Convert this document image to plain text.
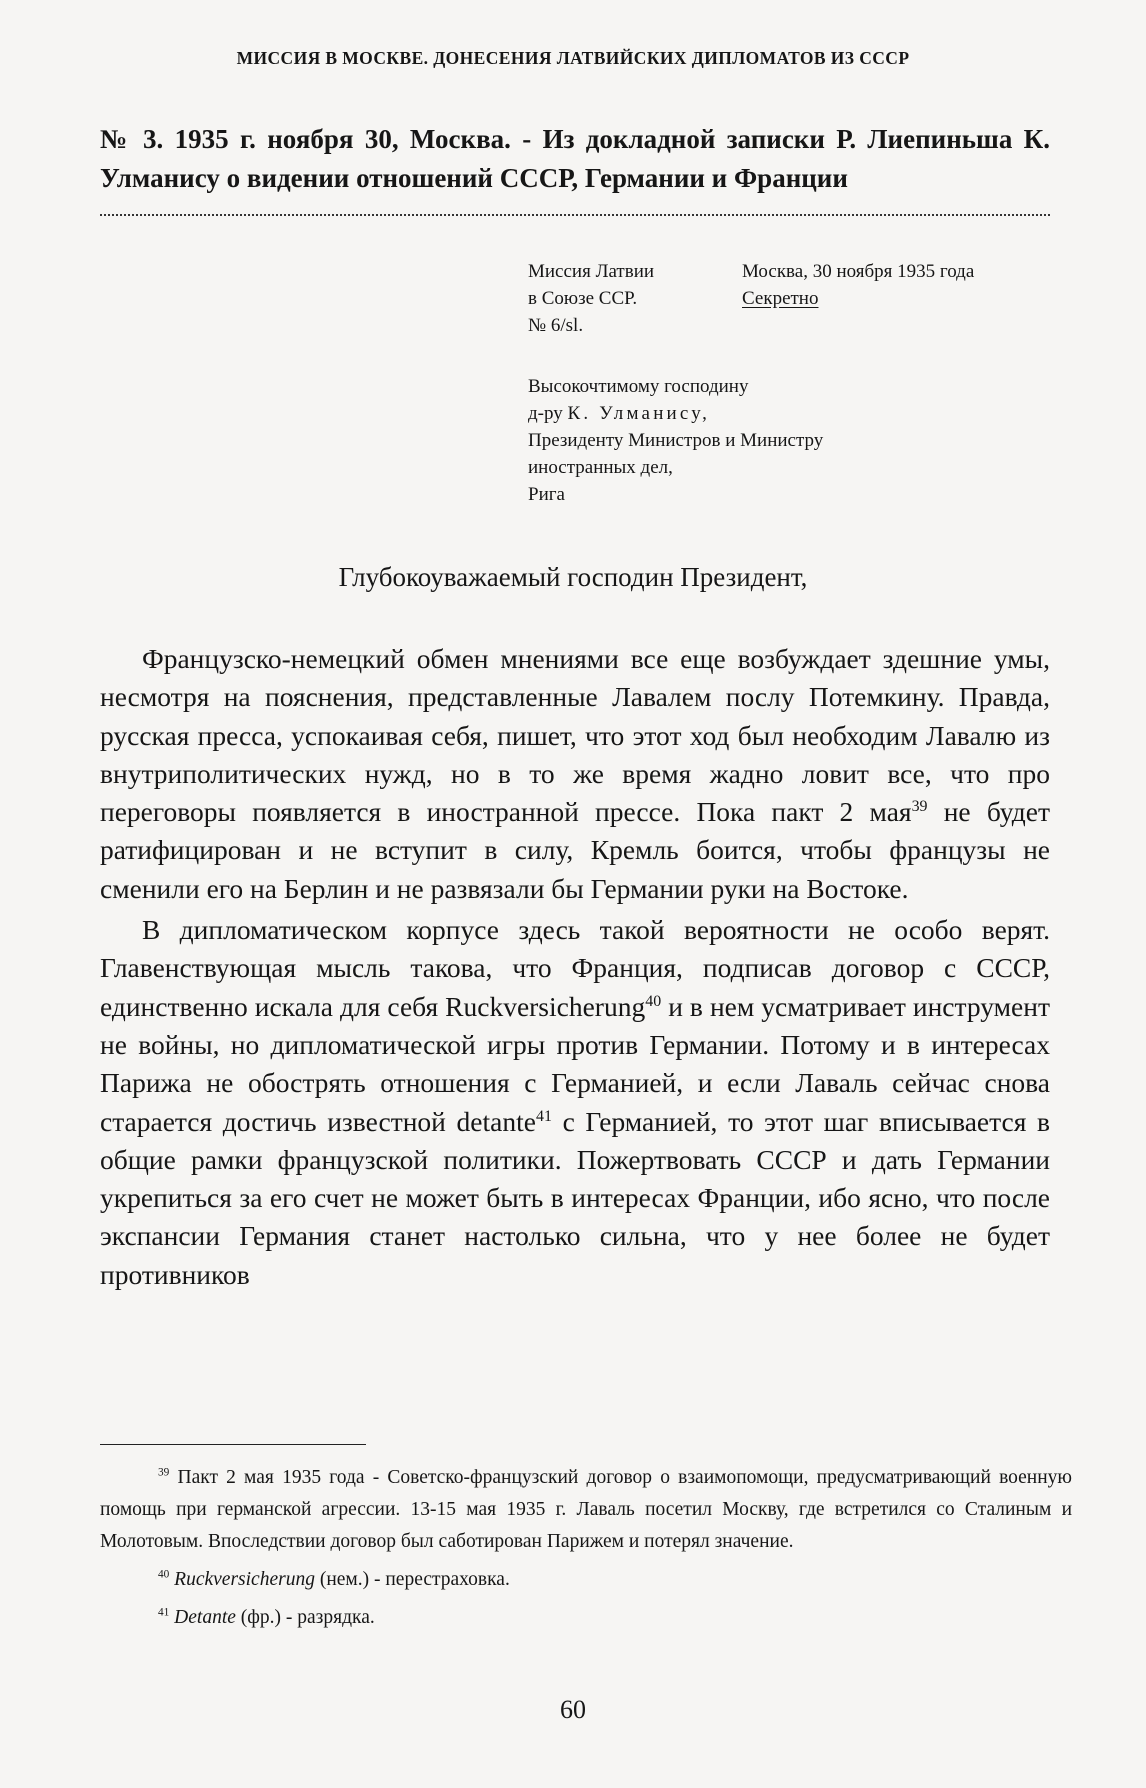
МИССИЯ В МОСКВЕ. ДОНЕСЕНИЯ ЛАТВИЙСКИХ ДИПЛОМАТОВ ИЗ СССР
№ 3. 1935 г. ноября 30, Москва. - Из докладной записки Р. Лиепиньша К. Улманису о видении отношений СССР, Германии и Франции
Миссия Латвии
в Союзе ССР.
№ 6/sl.
Москва, 30 ноября 1935 года
Секретно
Высокочтимому господину
д-ру К. Улманису,
Президенту Министров и Министру
иностранных дел,
Рига
Глубокоуважаемый господин Президент,

Французско-немецкий обмен мнениями все еще возбуждает здешние умы, несмотря на пояснения, представленные Лавалем послу Потемкину. Правда, русская пресса, успокаивая себя, пишет, что этот ход был необходим Лавалю из внутриполитических нужд, но в то же время жадно ловит все, что про переговоры появляется в иностранной прессе. Пока пакт 2 мая$^{39}$ не будет ратифицирован и не вступит в силу, Кремль боится, чтобы французы не сменили его на Берлин и не развязали бы Германии руки на Востоке.

В дипломатическом корпусе здесь такой вероятности не особо верят. Главенствующая мысль такова, что Франция, подписав договор с СССР, единственно искала для себя Ruckversicherung$^{40}$ и в нем усматривает инструмент не войны, но дипломатической игры против Германии. Потому и в интересах Парижа не обострять отношения с Германией, и если Лаваль сейчас снова старается достичь известной detante$^{41}$ с Германией, то этот шаг вписывается в общие рамки французской политики. Пожертвовать СССР и дать Германии укрепиться за его счет не может быть в интересах Франции, ибо ясно, что после экспансии Германия станет настолько сильна, что у нее более не будет противников

$^{39}$ Пакт 2 мая 1935 года - Советско-французский договор о взаимопомощи, предусматривающий военную помощь при германской агрессии. 13-15 мая 1935 г. Лаваль посетил Москву, где встретился со Сталиным и Молотовым. Впоследствии договор был саботирован Парижем и потерял значение.

$^{40}$ Ruckversicherung (нем.) - перестраховка.

$^{41}$ Detante (фр.) - разрядка.

60
